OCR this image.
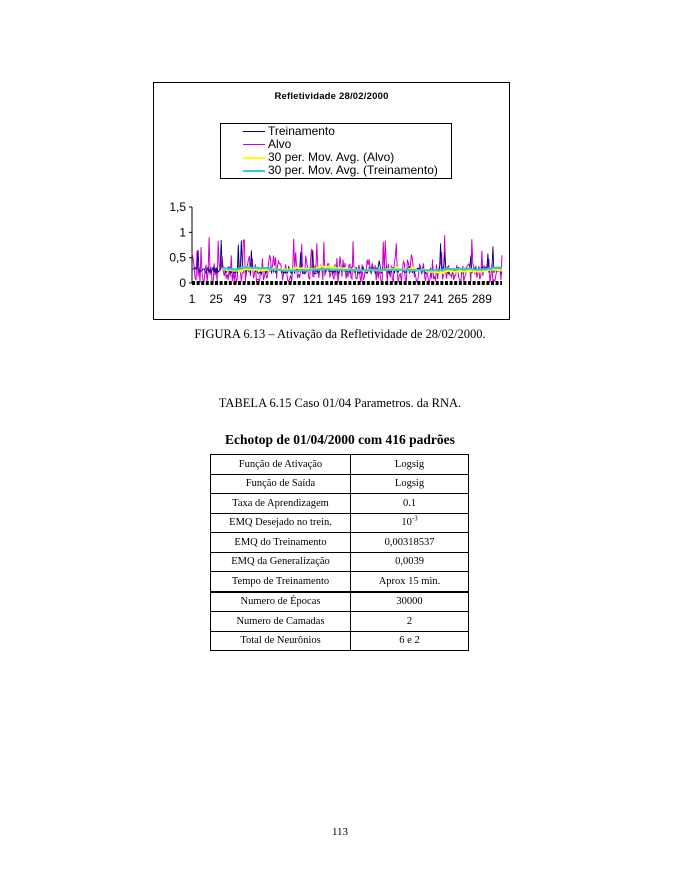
0
0,5
1
1,5
1 25 49 73 97 121 145 169 193 217 241 265 289
Refletividade 28/02/2000
Treinamento
Alvo
30 per. Mov. Avg. (Alvo)
30 per. Mov. Avg. (Treinamento)
FIGURA 6.13 – Ativação da Refletividade de 28/02/2000.
TABELA 6.15 Caso 01/04 Parametros. da RNA.
Echotop de 01/04/2000 com 416 padrões
Função de Ativação	Logsig
Função de Saída	Logsig
Taxa de Aprendizagem	0.1
EMQ Desejado no trein.	$10^{-3}$
EMQ do Treinamento	0,00318537
EMQ da Generalização	0,0039
Tempo de Treinamento	Aprox 15 min.
Numero de Épocas	30000
Numero de Camadas	2
Total de Neurônios	6 e 2
113
